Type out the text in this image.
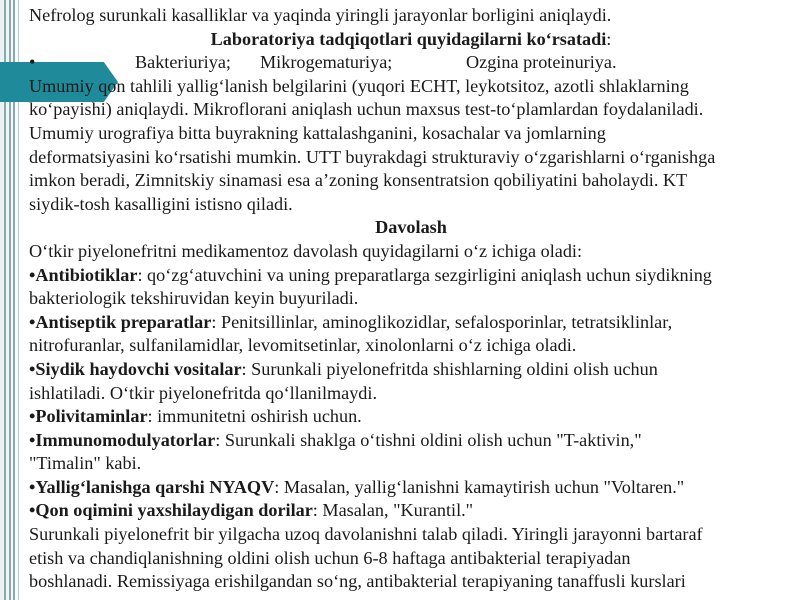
Nefrolog surunkali kasalliklar va yaqinda yiringli jarayonlar borligini aniqlaydi.
Laboratoriya tadqiqotlari quyidagilarni ko‘rsatadi:
•	Bakteriuriya; Mikrogematuriya;	Ozgina proteinuriya.
Umumiy qon tahlili yallig‘lanish belgilarini (yuqori ECHT, leykotsitoz, azotli shlaklarning
ko‘payishi) aniqlaydi. Mikroflorani aniqlash uchun maxsus test-to‘plamlardan foydalaniladi.
Umumiy urografiya bitta buyrakning kattalashganini, kosachalar va jomlarning
deformatsiyasini ko‘rsatishi mumkin. UTT buyrakdagi strukturaviy o‘zgarishlarni o‘rganishga
imkon beradi, Zimnitskiy sinamasi esa a’zoning konsentratsion qobiliyatini baholaydi. KT
siydik-tosh kasalligini istisno qiladi.
Davolash
O‘tkir piyelonefritni medikamentoz davolash quyidagilarni o‘z ichiga oladi:
•Antibiotiklar: qo‘zg‘atuvchini va uning preparatlarga sezgirligini aniqlash uchun siydikning
bakteriologik tekshiruvidan keyin buyuriladi.
•Antiseptik preparatlar: Penitsillinlar, aminoglikozidlar, sefalosporinlar, tetratsiklinlar,
nitrofuranlar, sulfanilamidlar, levomitsetinlar, xinolonlarni o‘z ichiga oladi.
•Siydik haydovchi vositalar: Surunkali piyelonefritda shishlarning oldini olish uchun
ishlatiladi. O‘tkir piyelonefritda qo‘llanilmaydi.
•Polivitaminlar: immunitetni oshirish uchun.
•Immunomodulyatorlar: Surunkali shaklga o‘tishni oldini olish uchun "T-aktivin,"
"Timalin" kabi.
•Yallig‘lanishga qarshi NYAQV: Masalan, yallig‘lanishni kamaytirish uchun "Voltaren."
•Qon oqimini yaxshilaydigan dorilar: Masalan, "Kurantil."
Surunkali piyelonefrit bir yilgacha uzoq davolanishni talab qiladi. Yiringli jarayonni bartaraf
etish va chandiqlanishning oldini olish uchun 6-8 haftaga antibakterial terapiyadan
boshlanadi. Remissiyaga erishilgandan so‘ng, antibakterial terapiyaning tanaffusli kurslari
